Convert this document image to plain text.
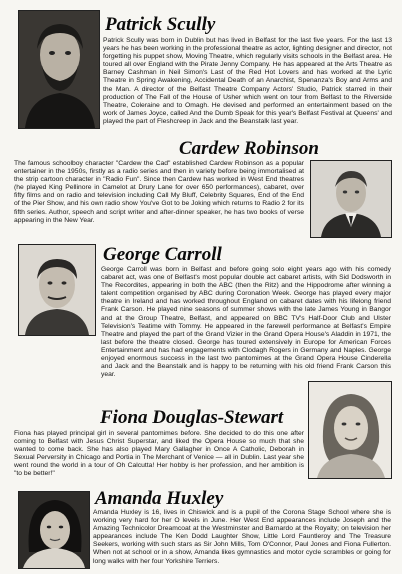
Patrick Scully

Patrick Scully was born in Dublin but has lived in Belfast for the last five years. For the last 13 years he has been working in the professional theatre as actor, lighting designer and director, not forgetting his puppet show, Moving Theatre, which regularly visits schools in the Belfast area. He toured all over England with the Pirate Jenny Company. He has appeared at the Arts Theatre as Barney Cashman in Neil Simon's Last of the Red Hot Lovers and has worked at the Lyric Theatre in Spring Awakening, Accidental Death of an Anarchist, Spenanza's Boy and Arms and the Man. A director of the Belfast Theatre Company Actors' Studio, Patrick starred in their production of The Fall of the House of Usher which went on tour from Belfast to the Riverside Theatre, Coleraine and to Omagh. He devised and performed an entertainment based on the work of James Joyce, called And the Dumb Speak for this year's Belfast Festival at Queens' and played the part of Fleshcreep in Jack and the Beanstalk last year.

Cardew Robinson

The famous schoolboy character "Cardew the Cad" established Cardew Robinson as a popular entertainer in the 1950s, firstly as a radio series and then in variety before being immortalised at the strip cartoon character in "Radio Fun". Since then Cardew has worked in West End theatres (he played King Pellinore in Camelot at Drury Lane for over 650 performances), cabaret, over fifty films and on radio and television including Call My Bluff, Celebrity Squares, End of the End of the Pier Show, and his own radio show You've Got to be Joking which returns to Radio 2 for its fifth series. Author, speech and script writer and after-dinner speaker, he has two books of verse appearing in the New Year.

George Carroll

George Carroll was born in Belfast and before going solo eight years ago with his comedy cabaret act, was one of Belfast's most popular double act cabaret artists, with Sid Dodsworth in The Recordites, appearing in both the ABC (then the Ritz) and the Hippodrome after winning a talent competition organised by ABC during Coronation Week. George has played every major theatre in Ireland and has worked throughout England on cabaret dates with his lifelong friend Frank Carson. He played nine seasons of summer shows with the late James Young in Bangor and at the Group Theatre, Belfast, and appeared on BBC TV's Half-Door Club and Ulster Television's Teatime with Tommy. He appeared in the farewell performance at Belfast's Empire Theatre and played the part of the Grand Vizier in the Grand Opera House's Aladdin in 1971, the last before the theatre closed. George has toured extensively in Europe for American Forces Entertainment and has had engagements with Clodagh Rogers in Germany and Naples. George enjoyed enormous success in the last two pantomimes at the Grand Opera House Cinderella and Jack and the Beanstalk and is happy to be returning with his old friend Frank Carson this year.

Fiona Douglas-Stewart

Fiona has played principal girl in several pantomimes before. She decided to do this one after coming to Belfast with Jesus Christ Superstar, and liked the Opera House so much that she wanted to come back. She has also played Mary Gallagher in Once A Catholic, Deborah in Sexual Perversity in Chicago and Portia in The Merchant of Venice — all in Dublin. Last year she went round the world in a tour of Oh Calcutta! Her hobby is her profession, and her ambition is "to be better!"

Amanda Huxley

Amanda Huxley is 16, lives in Chiswick and is a pupil of the Corona Stage School where she is working very hard for her O levels in June. Her West End appearances include Joseph and the Amazing Technicolor Dreamcoat at the Westminster and Barnardo at the Royalty; on television her appearances include The Ken Dodd Laughter Show, Little Lord Fauntleroy and The Treasure Seekers, working with such stars as Sir John Mills, Tom O'Connor, Paul Jones and Fiona Fullerton. When not at school or in a show, Amanda likes gymnastics and motor cycle scrambles or going for long walks with her four Yorkshire Terriers.
